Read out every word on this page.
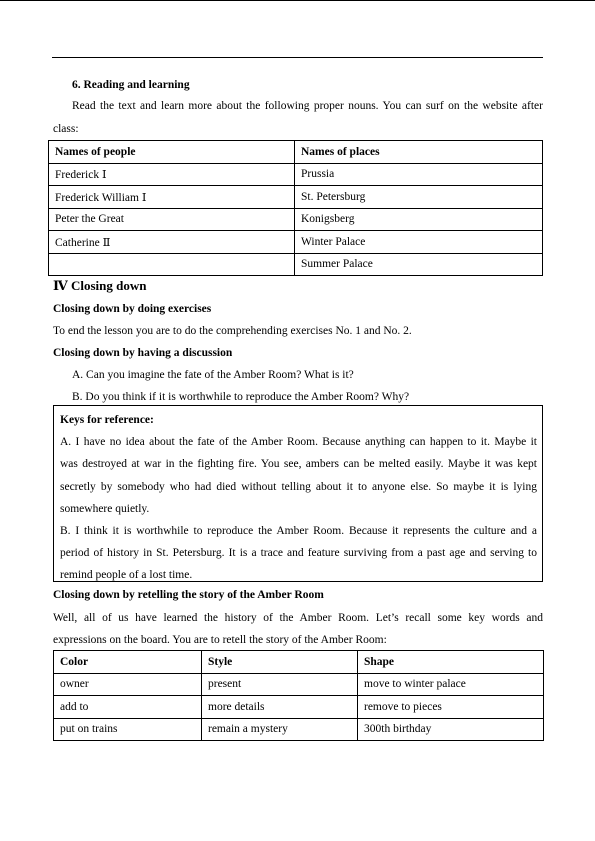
6. Reading and learning
Read the text and learn more about the following proper nouns. You can surf on the website after
class:
Names of people	Names of places
Frederick Ⅰ	Prussia
Frederick William Ⅰ	St. Petersburg
Peter the Great	Konigsberg
Catherine Ⅱ	Winter Palace
	Summer Palace
Ⅳ Closing down
Closing down by doing exercises
To end the lesson you are to do the comprehending exercises No. 1 and No. 2.
Closing down by having a discussion
A. Can you imagine the fate of the Amber Room? What is it?
B. Do you think if it is worthwhile to reproduce the Amber Room? Why?
Keys for reference:
A. I have no idea about the fate of the Amber Room. Because anything can happen to it. Maybe it
was destroyed at war in the fighting fire. You see, ambers can be melted easily. Maybe it was kept
secretly by somebody who had died without telling about it to anyone else. So maybe it is lying
somewhere quietly.
B. I think it is worthwhile to reproduce the Amber Room. Because it represents the culture and a
period of history in St. Petersburg. It is a trace and feature surviving from a past age and serving to
remind people of a lost time.
Closing down by retelling the story of the Amber Room
Well, all of us have learned the history of the Amber Room. Let’s recall some key words and
expressions on the board. You are to retell the story of the Amber Room:
Color	Style	Shape
owner	present	move to winter palace
add to	more details	remove to pieces
put on trains	remain a mystery	300th birthday
